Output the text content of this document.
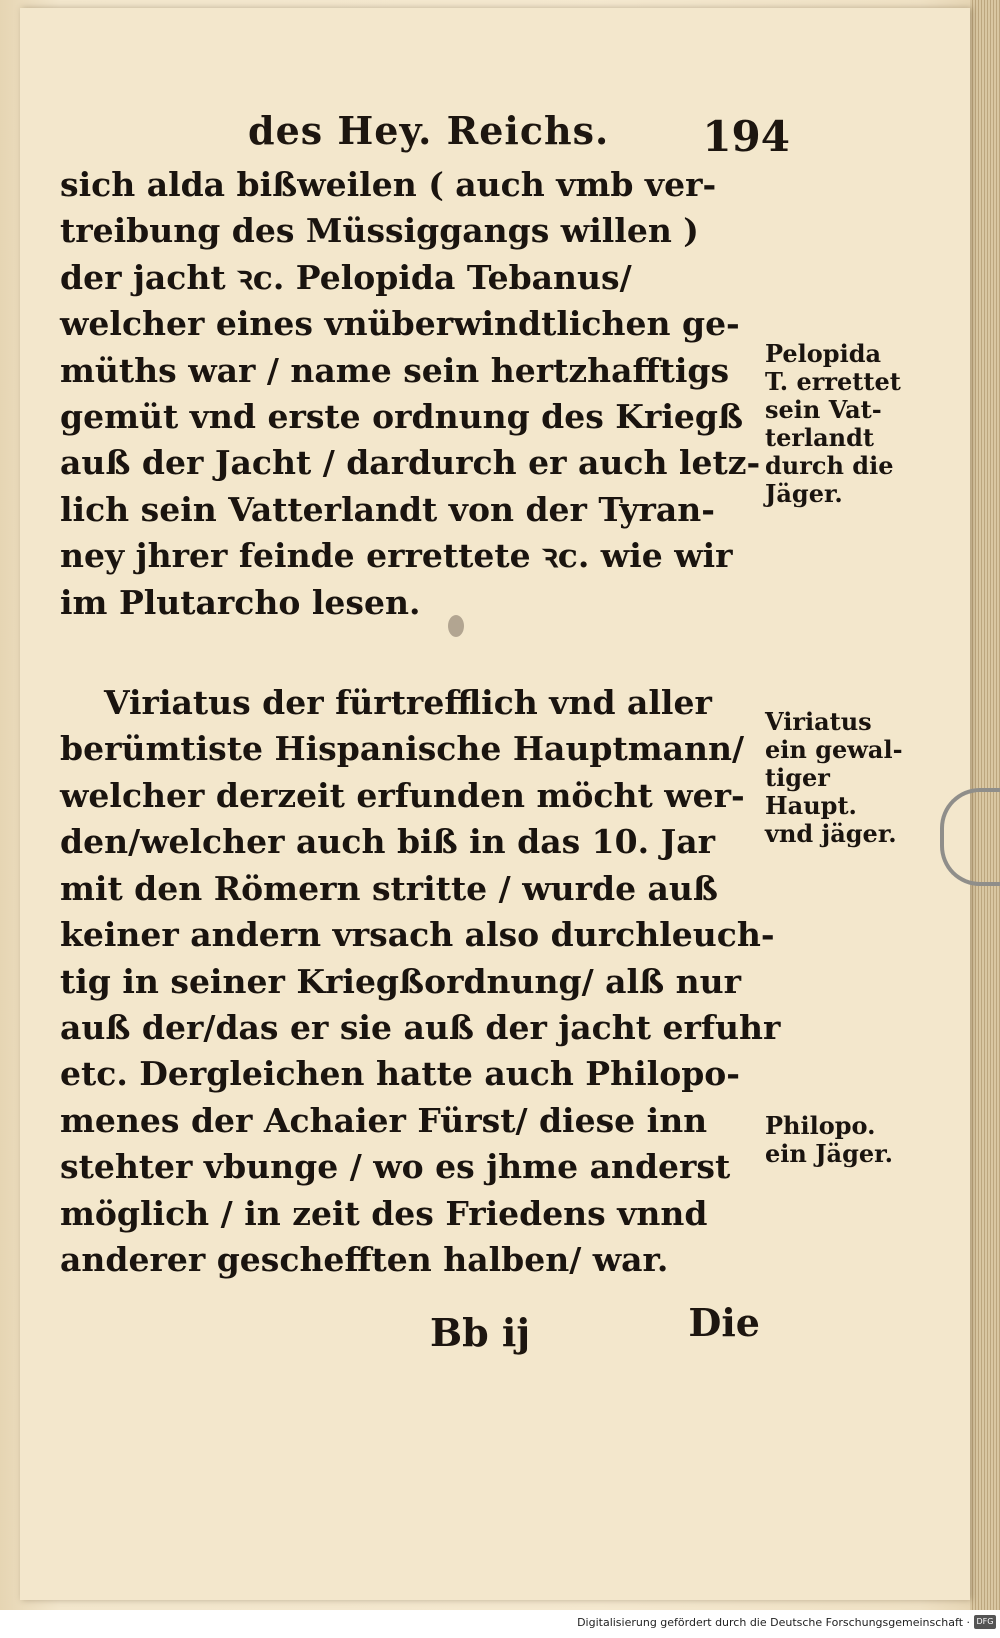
des Hey. Reichs. 194
sich alda bißweilen ( auch vmb ver-
treibung des Müssiggangs willen )
der jacht ꝛc. Pelopida Tebanus/
welcher eines vnüberwindtlichen ge-
müths war / name sein hertzhafftigs
gemüt vnd erste ordnung des Kriegß
auß der Jacht / dardurch er auch letz-
lich sein Vatterlandt von der Tyran-
ney jhrer feinde errettete ꝛc. wie wir
im Plutarcho lesen.
Viriatus der fürtrefflich vnd aller
berümtiste Hispanische Hauptmann/
welcher derzeit erfunden möcht wer-
den/welcher auch biß in das 10. Jar
mit den Römern stritte / wurde auß
keiner andern vrsach also durchleuch-
tig in seiner Kriegßordnung/ alß nur
auß der/das er sie auß der jacht erfuhr
etc. Dergleichen hatte auch Philopo-
menes der Achaier Fürst/ diese inn
stehter vbunge / wo es jhme anderst
möglich / in zeit des Friedens vnnd
anderer geschefften halben/ war.
Pelopida
T. errettet
sein Vat-
terlandt
durch die
Jäger.
Viriatus
ein gewal-
tiger
Haupt.
vnd jäger.
Philopo.
ein Jäger.
Bb ij	Die
Digitalisierung gefördert durch die Deutsche Forschungsgemeinschaft · DFG
